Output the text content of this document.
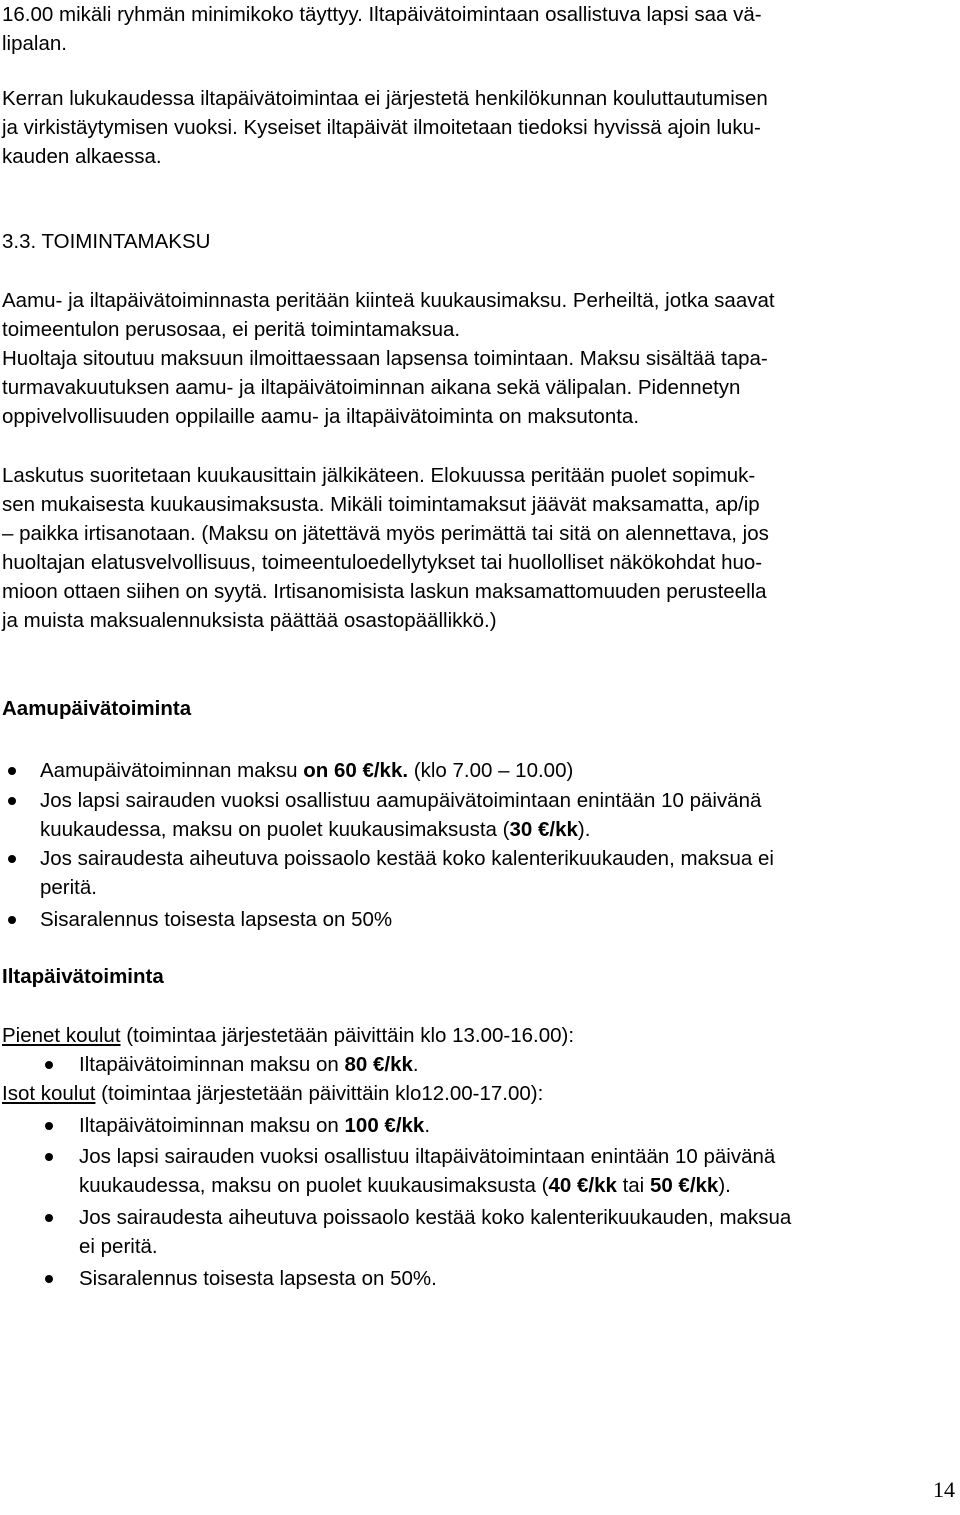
16.00 mikäli ryhmän minimikoko täyttyy. Iltapäivätoimintaan osallistuva lapsi saa vä-
lipalan.
Kerran lukukaudessa iltapäivätoimintaa ei järjestetä henkilökunnan kouluttautumisen
ja virkistäytymisen vuoksi. Kyseiset iltapäivät ilmoitetaan tiedoksi hyvissä ajoin luku-
kauden alkaessa.
3.3. TOIMINTAMAKSU
Aamu- ja iltapäivätoiminnasta peritään kiinteä kuukausimaksu. Perheiltä, jotka saavat
toimeentulon perusosaa, ei peritä toimintamaksua.
Huoltaja sitoutuu maksuun ilmoittaessaan lapsensa toimintaan. Maksu sisältää tapa-
turmavakuutuksen aamu- ja iltapäivätoiminnan aikana sekä välipalan. Pidennetyn
oppivelvollisuuden oppilaille aamu- ja iltapäivätoiminta on maksutonta.
Laskutus suoritetaan kuukausittain jälkikäteen. Elokuussa peritään puolet sopimuk-
sen mukaisesta kuukausimaksusta. Mikäli toimintamaksut jäävät maksamatta, ap/ip
– paikka irtisanotaan. (Maksu on jätettävä myös perimättä tai sitä on alennettava, jos
huoltajan elatusvelvollisuus, toimeentuloedellytykset tai huollolliset näkökohdat huo-
mioon ottaen siihen on syytä. Irtisanomisista laskun maksamattomuuden perusteella
ja muista maksualennuksista päättää osastopäällikkö.)
Aamupäivätoiminta
Aamupäivätoiminnan maksu on 60 €/kk. (klo 7.00 – 10.00)
Jos lapsi sairauden vuoksi osallistuu aamupäivätoimintaan enintään 10 päivänä
kuukaudessa, maksu on puolet kuukausimaksusta (30 €/kk).
Jos sairaudesta aiheutuva poissaolo kestää koko kalenterikuukauden, maksua ei
peritä.
Sisaralennus toisesta lapsesta on 50%
Iltapäivätoiminta
Pienet koulut (toimintaa järjestetään päivittäin klo 13.00-16.00):
Iltapäivätoiminnan maksu on 80 €/kk.
Isot koulut (toimintaa järjestetään päivittäin klo12.00-17.00):
Iltapäivätoiminnan maksu on 100 €/kk.
Jos lapsi sairauden vuoksi osallistuu iltapäivätoimintaan enintään 10 päivänä
kuukaudessa, maksu on puolet kuukausimaksusta (40 €/kk tai 50 €/kk).
Jos sairaudesta aiheutuva poissaolo kestää koko kalenterikuukauden, maksua
ei peritä.
Sisaralennus toisesta lapsesta on 50%.
14
